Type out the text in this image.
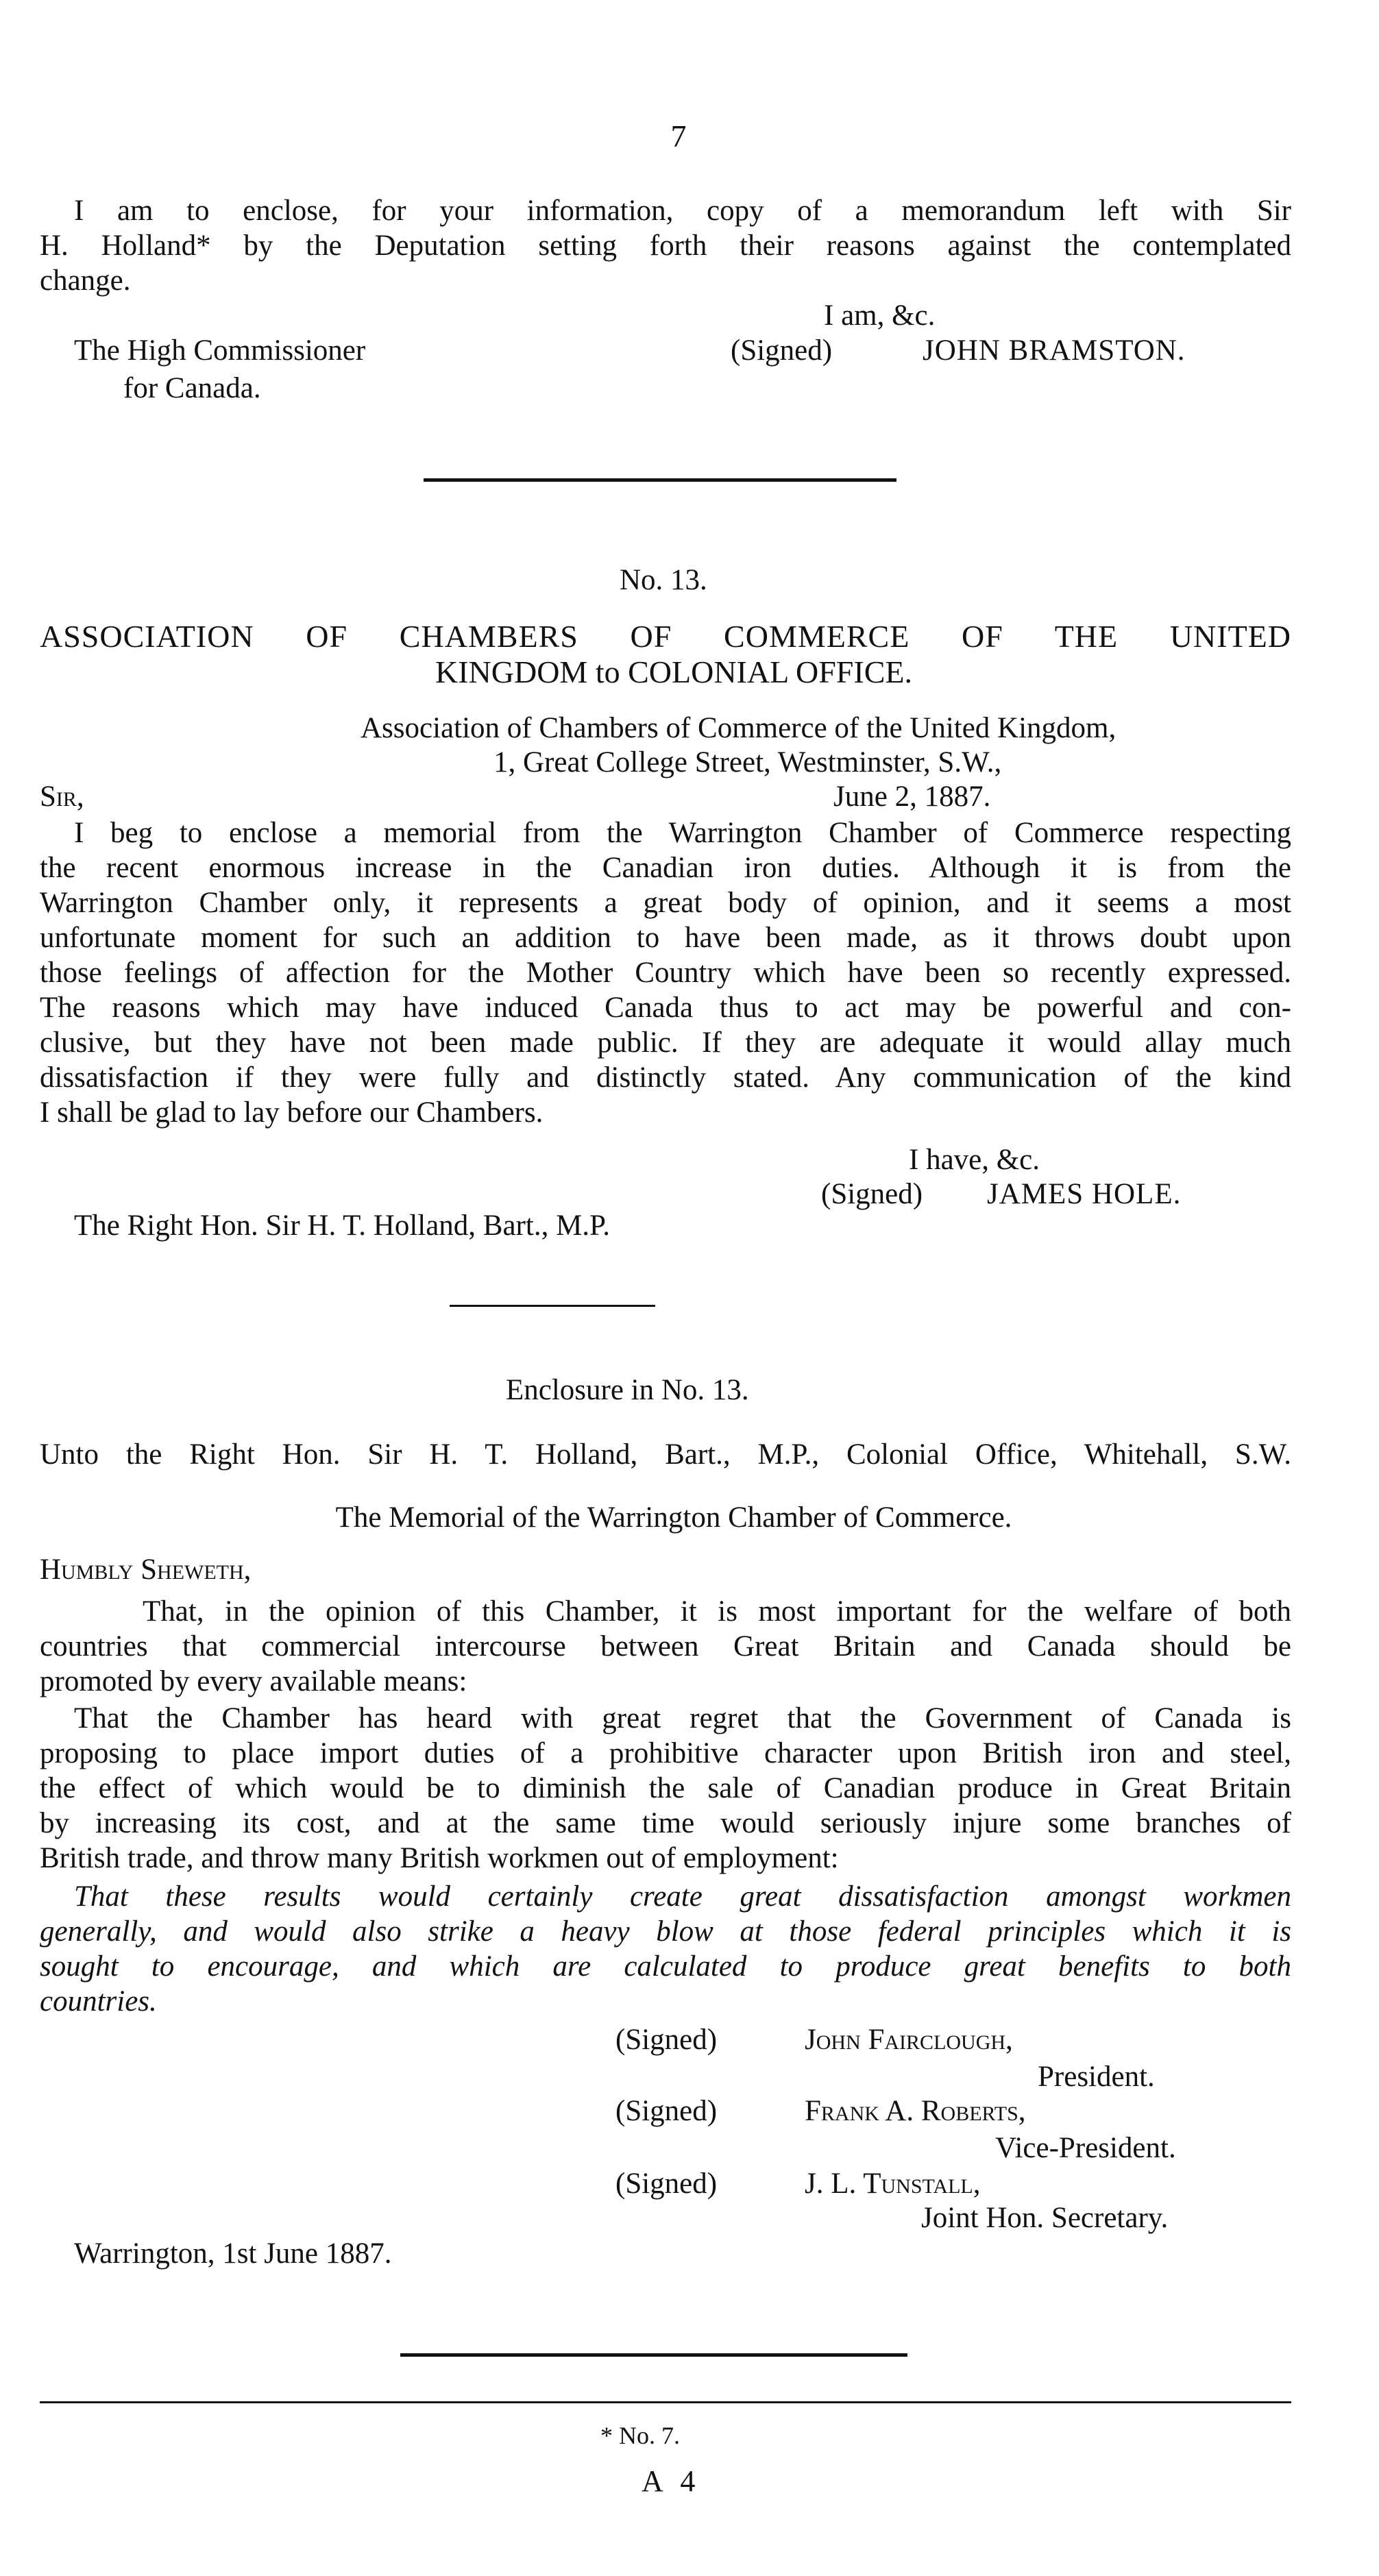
7
I am to enclose, for your information, copy of a memorandum left with Sir
H. Holland* by the Deputation setting forth their reasons against the contemplated
change.
I am, &c.
The High Commissioner	(Signed)	JOHN BRAMSTON.
for Canada.
No. 13.
ASSOCIATION OF CHAMBERS OF COMMERCE OF THE UNITED
KINGDOM to COLONIAL OFFICE.
Association of Chambers of Commerce of the United Kingdom,
1, Great College Street, Westminster, S.W.,
Sir,	June 2, 1887.
I beg to enclose a memorial from the Warrington Chamber of Commerce respecting
the recent enormous increase in the Canadian iron duties. Although it is from the
Warrington Chamber only, it represents a great body of opinion, and it seems a most
unfortunate moment for such an addition to have been made, as it throws doubt upon
those feelings of affection for the Mother Country which have been so recently expressed.
The reasons which may have induced Canada thus to act may be powerful and con-
clusive, but they have not been made public. If they are adequate it would allay much
dissatisfaction if they were fully and distinctly stated. Any communication of the kind
I shall be glad to lay before our Chambers.
I have, &c.
(Signed) JAMES HOLE.
The Right Hon. Sir H. T. Holland, Bart., M.P.
Enclosure in No. 13.
Unto the Right Hon. Sir H. T. Holland, Bart., M.P., Colonial Office, Whitehall, S.W.
The Memorial of the Warrington Chamber of Commerce.
Humbly Sheweth,
That, in the opinion of this Chamber, it is most important for the welfare of both
countries that commercial intercourse between Great Britain and Canada should be
promoted by every available means:
That the Chamber has heard with great regret that the Government of Canada is
proposing to place import duties of a prohibitive character upon British iron and steel,
the effect of which would be to diminish the sale of Canadian produce in Great Britain
by increasing its cost, and at the same time would seriously injure some branches of
British trade, and throw many British workmen out of employment:
That these results would certainly create great dissatisfaction amongst workmen
generally, and would also strike a heavy blow at those federal principles which it is
sought to encourage, and which are calculated to produce great benefits to both
countries.
(Signed)	John Fairclough,
President.
(Signed)	Frank A. Roberts,
Vice-President.
(Signed)	J. L. Tunstall,
Joint Hon. Secretary.
Warrington, 1st June 1887.
* No. 7.
A 4
